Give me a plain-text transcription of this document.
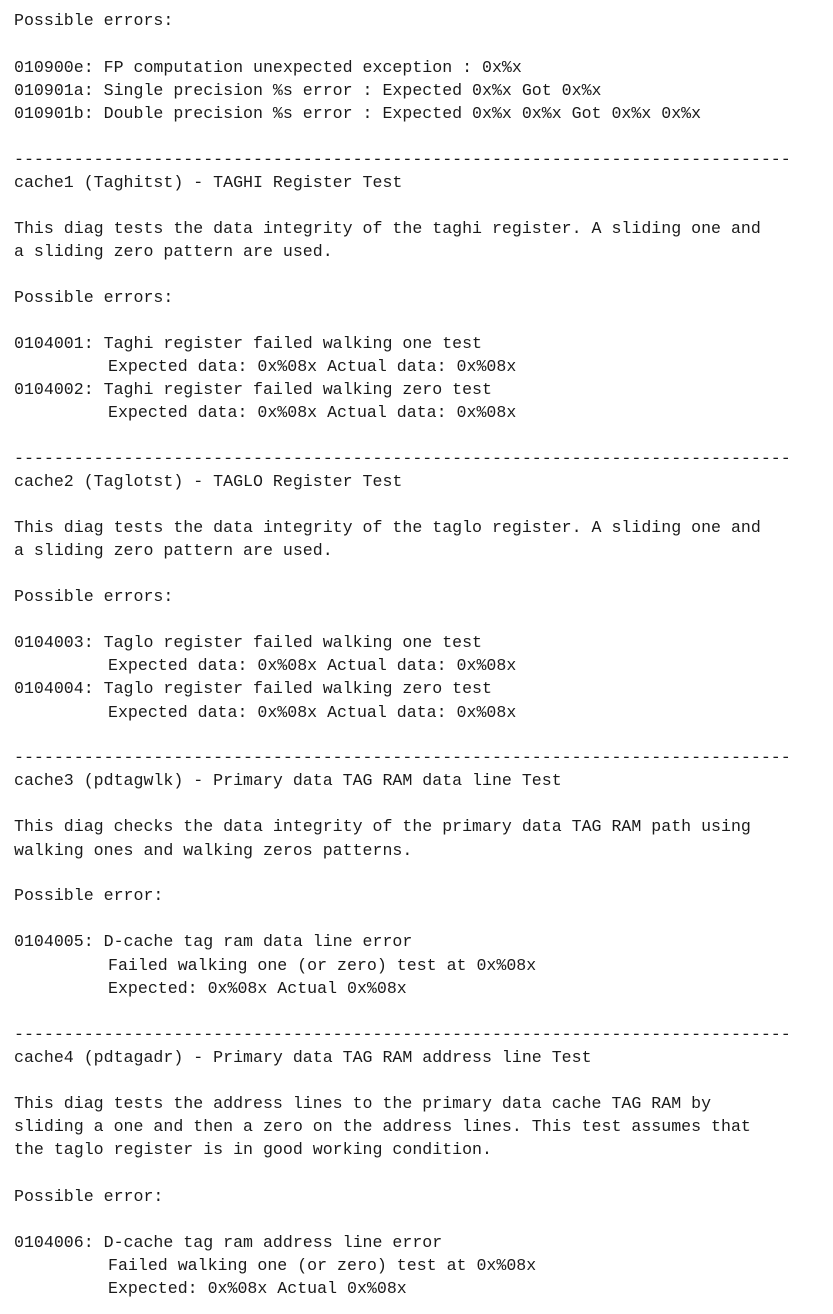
Possible errors:
010900e: FP computation unexpected exception : 0x%x
010901a: Single precision %s error : Expected 0x%x Got 0x%x
010901b: Double precision %s error : Expected 0x%x 0x%x Got 0x%x 0x%x
------------------------------------------------------------------------------
cache1 (Taghitst) - TAGHI Register Test
This diag tests the data integrity of the taghi register. A sliding one and
a sliding zero pattern are used.
Possible errors:
0104001: Taghi register failed walking one test
Expected data: 0x%08x Actual data: 0x%08x
0104002: Taghi register failed walking zero test
Expected data: 0x%08x Actual data: 0x%08x
------------------------------------------------------------------------------
cache2 (Taglotst) - TAGLO Register Test
This diag tests the data integrity of the taglo register. A sliding one and
a sliding zero pattern are used.
Possible errors:
0104003: Taglo register failed walking one test
Expected data: 0x%08x Actual data: 0x%08x
0104004: Taglo register failed walking zero test
Expected data: 0x%08x Actual data: 0x%08x
------------------------------------------------------------------------------
cache3 (pdtagwlk) - Primary data TAG RAM data line Test
This diag checks the data integrity of the primary data TAG RAM path using
walking ones and walking zeros patterns.
Possible error:
0104005: D-cache tag ram data line error
Failed walking one (or zero) test at 0x%08x
Expected: 0x%08x Actual 0x%08x
------------------------------------------------------------------------------
cache4 (pdtagadr) - Primary data TAG RAM address line Test
This diag tests the address lines to the primary data cache TAG RAM by
sliding a one and then a zero on the address lines. This test assumes that
the taglo register is in good working condition.
Possible error:
0104006: D-cache tag ram address line error
Failed walking one (or zero) test at 0x%08x
Expected: 0x%08x Actual 0x%08x
